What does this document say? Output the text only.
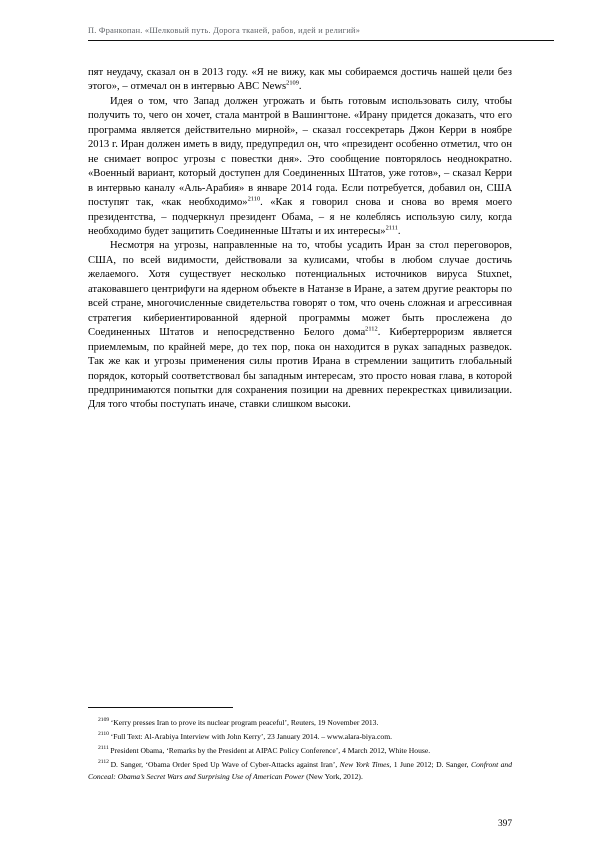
П. Франкопан. «Шелковый путь. Дорога тканей, рабов, идей и религий»

пят неудачу, сказал он в 2013 году. «Я не вижу, как мы собираемся достичь нашей цели без этого», – отмечал он в интервью ABC News$^{2109}$.

Идея о том, что Запад должен угрожать и быть готовым использовать силу, чтобы получить то, чего он хочет, стала мантрой в Вашингтоне. «Ирану придется доказать, что его программа является действительно мирной», – сказал госсекретарь Джон Керри в ноябре 2013 г. Иран должен иметь в виду, предупредил он, что «президент особенно отметил, что он не снимает вопрос угрозы с повестки дня». Это сообщение повторялось неоднократно. «Военный вариант, который доступен для Соединенных Штатов, уже готов», – сказал Керри в интервью каналу «Аль-Арабия» в январе 2014 года. Если потребуется, добавил он, США поступят так, «как необходимо»$^{2110}$. «Как я говорил снова и снова во время моего президентства, – подчеркнул президент Обама, – я не колеблясь использую силу, когда необходимо будет защитить Соединенные Штаты и их интересы»$^{2111}$.

Несмотря на угрозы, направленные на то, чтобы усадить Иран за стол переговоров, США, по всей видимости, действовали за кулисами, чтобы в любом случае достичь желаемого. Хотя существует несколько потенциальных источников вируса Stuxnet, атаковавшего центрифуги на ядерном объекте в Натанзе в Иране, а затем другие реакторы по всей стране, многочисленные свидетельства говорят о том, что очень сложная и агрессивная стратегия кибериентированной ядерной программы может быть прослежена до Соединенных Штатов и непосредственно Белого дома$^{2112}$. Кибертерроризм является приемлемым, по крайней мере, до тех пор, пока он находится в руках западных разведок. Так же как и угрозы применения силы против Ирана в стремлении защитить глобальный порядок, который соответствовал бы западным интересам, это просто новая глава, в которой предпринимаются попытки для сохранения позиции на древних перекрестках цивилизации. Для того чтобы поступать иначе, ставки слишком высоки.

$^{2109}$ ‘Kerry presses Iran to prove its nuclear program peaceful’, Reuters, 19 November 2013.

$^{2110}$ ‘Full Text: Al-Arabiya Interview with John Kerry’, 23 January 2014. – www.alara-biya.com.

$^{2111}$ President Obama, ‘Remarks by the President at AIPAC Policy Conference’, 4 March 2012, White House.

$^{2112}$ D. Sanger, ‘Obama Order Sped Up Wave of Cyber-Attacks against Iran’, New York Times, 1 June 2012; D. Sanger, Confront and Conceal: Obama’s Secret Wars and Surprising Use of American Power (New York, 2012).

397
